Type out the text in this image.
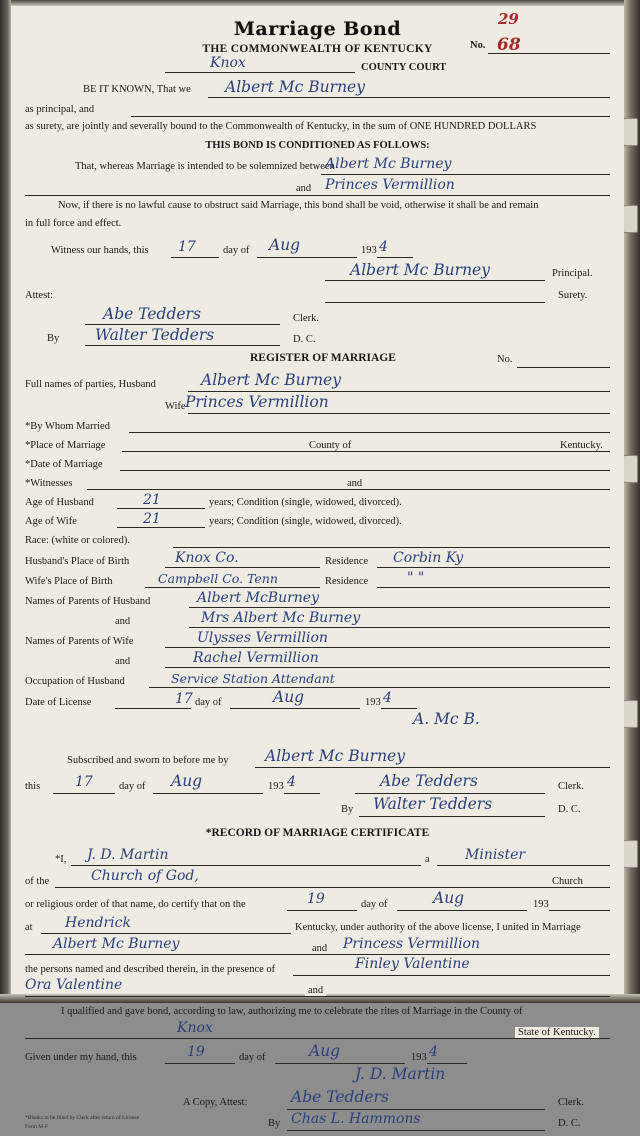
Marriage Bond	29
THE COMMONWEALTH OF KENTUCKY	No. 68
Knox	COUNTY COURT
BE IT KNOWN, That we Albert Mc Burney
as principal, and
as surety, are jointly and severally bound to the Commonwealth of Kentucky, in the sum of ONE HUNDRED DOLLARS
THIS BOND IS CONDITIONED AS FOLLOWS:
That, whereas Marriage is intended to be solemnized between
Albert Mc Burney
and Princes Vermillion
Now, if there is no lawful cause to obstruct said Marriage, this bond shall be void, otherwise it shall be and remain
in full force and effect.
Witness our hands, this 17	day of Aug	193 4
Albert Mc Burney	Principal.
Attest:	Surety.
Abe Tedders	Clerk.
By Walter Tedders	D. C.
REGISTER OF MARRIAGE	No.
Full names of parties, Husband	Albert Mc Burney
Wife Princes Vermillion
*By Whom Married
*Place of Marriage	County of	Kentucky.
*Date of Marriage
*Witnesses	and
Age of Husband	21	years; Condition (single, widowed, divorced).
Age of Wife	21	years; Condition (single, widowed, divorced).
Race: (white or colored).
Husband's Place of Birth	Knox Co.	Residence Corbin Ky
Wife's Place of Birth	Campbell Co. Tenn	Residence	" "
Names of Parents of Husband	Albert McBurney
and	Mrs Albert Mc Burney
Names of Parents of Wife	Ulysses Vermillion
and	Rachel Vermillion
Occupation of Husband	Service Station Attendant
Date of License	17 day of	Aug	193 4
A. Mc B.
Subscribed and sworn to before me by Albert Mc Burney
this 17 day of Aug	193 4	Abe Tedders	Clerk.
By Walter Tedders	D. C.
*RECORD OF MARRIAGE CERTIFICATE
*I, J. D. Martin	a	Minister
of the	Church of God,	Church
or religious order of that name, do certify that on the	19	day of	Aug	193
at Hendrick	Kentucky, under authority of the above license, I united in Marriage
Albert Mc Burney	and Princess Vermillion
the persons named and described therein, in the presence of	Finley Valentine
Ora Valentine	and
I qualified and gave bond, according to law, authorizing me to celebrate the rites of Marriage in the County of
Knox	State of Kentucky.
Given under my hand, this	19	day of	Aug	193 4
J. D. Martin
A Copy, Attest:	Abe Tedders	Clerk.
By Chas L. Hammons	D. C.
*Blanks to be filled by Clerk after return of License
Form M-F
